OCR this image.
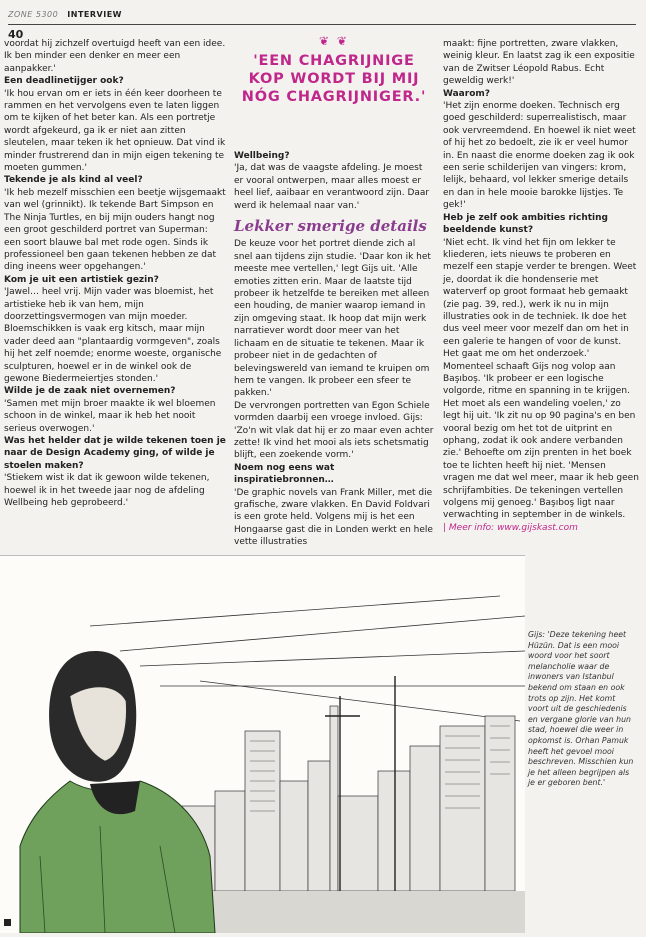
ZONE 5300 INTERVIEW
40

voordat hij zichzelf overtuigd heeft van een idee. Ik ben minder een denker en meer een aanpakker.'

Een deadlinetijger ook?

'Ik hou ervan om er iets in één keer doorheen te rammen en het vervolgens even te laten liggen om te kijken of het beter kan. Als een portretje wordt afgekeurd, ga ik er niet aan zitten sleutelen, maar teken ik het opnieuw. Dat vind ik minder frustrerend dan in mijn eigen tekening te moeten gummen.'

Tekende je als kind al veel?

'Ik heb mezelf misschien een beetje wijsgemaakt van wel (grinnikt). Ik tekende Bart Simpson en The Ninja Turtles, en bij mijn ouders hangt nog een groot geschilderd portret van Superman: een soort blauwe bal met rode ogen. Sinds ik professioneel ben gaan tekenen hebben ze dat ding ineens weer opgehangen.'

Kom je uit een artistiek gezin?

'Jawel… heel vrij. Mijn vader was bloemist, het artistieke heb ik van hem, mijn doorzettingsvermogen van mijn moeder. Bloemschikken is vaak erg kitsch, maar mijn vader deed aan "plantaardig vormgeven", zoals hij het zelf noemde; enorme woeste, organische sculpturen, hoewel er in de winkel ook de gewone Biedermeiertjes stonden.'

Wilde je de zaak niet overnemen?

'Samen met mijn broer maakte ik wel bloemen schoon in de winkel, maar ik heb het nooit serieus overwogen.'

Was het helder dat je wilde tekenen toen je naar de Design Academy ging, of wilde je stoelen maken?

'Stiekem wist ik dat ik gewoon wilde tekenen, hoewel ik in het tweede jaar nog de afdeling Wellbeing heb geprobeerd.'

❦ ❦
'EEN CHAGRIJNIGE KOP WORDT BIJ MIJ NÓG CHAGRIJNIGER.'

Wellbeing?

'Ja, dat was de vaagste afdeling. Je moest er vooral ontwerpen, maar alles moest er heel lief, aaibaar en verantwoord zijn. Daar werd ik helemaal naar van.'

Lekker smerige details

De keuze voor het portret diende zich al snel aan tijdens zijn studie. 'Daar kon ik het meeste mee vertellen,' legt Gijs uit. 'Alle emoties zitten erin. Maar de laatste tijd probeer ik hetzelfde te bereiken met alleen een houding, de manier waarop iemand in zijn omgeving staat. Ik hoop dat mijn werk narratiever wordt door meer van het lichaam en de situatie te tekenen. Maar ik probeer niet in de gedachten of belevingswereld van iemand te kruipen om hem te vangen. Ik probeer een sfeer te pakken.'

De vervrongen portretten van Egon Schiele vormden daarbij een vroege invloed. Gijs:

'Zo'n wit vlak dat hij er zo maar even achter zette! Ik vind het mooi als iets schetsmatig blijft, een zoekende vorm.'

Noem nog eens wat inspiratiebronnen…

'De graphic novels van Frank Miller, met die grafische, zware vlakken. En David Foldvari is een grote held. Volgens mij is het een Hongaarse gast die in Londen werkt en hele vette illustraties

maakt: fijne portretten, zware vlakken, weinig kleur. En laatst zag ik een expositie van de Zwitser Léopold Rabus. Echt geweldig werk!'

Waarom?

'Het zijn enorme doeken. Technisch erg goed geschilderd: superrealistisch, maar ook vervreemdend. En hoewel ik niet weet of hij het zo bedoelt, zie ik er veel humor in. En naast die enorme doeken zag ik ook een serie schilderijen van vingers: krom, lelijk, behaard, vol lekker smerige details en dan in hele mooie barokke lijstjes. Te gek!'

Heb je zelf ook ambities richting beeldende kunst?

'Niet echt. Ik vind het fijn om lekker te kliederen, iets nieuws te proberen en mezelf een stapje verder te brengen. Weet je, doordat ik die hondenserie met waterverf op groot formaat heb gemaakt (zie pag. 39, red.), werk ik nu in mijn illustraties ook in de techniek. Ik doe het dus veel meer voor mezelf dan om het in een galerie te hangen of voor de kunst. Het gaat me om het onderzoek.'

Momenteel schaaft Gijs nog volop aan Başıboş. 'Ik probeer er een logische volgorde, ritme en spanning in te krijgen. Het moet als een wandeling voelen,' zo legt hij uit. 'Ik zit nu op 90 pagina's en ben vooral bezig om het tot de uitprint en ophang, zodat ik ook andere verbanden zie.' Behoefte om zijn prenten in het boek toe te lichten heeft hij niet. 'Mensen vragen me dat wel meer, maar ik heb geen schrijfambities. De tekeningen vertellen volgens mij genoeg.' Başıboş ligt naar verwachting in september in de winkels.

| Meer info: www.gijskast.com

Gijs: 'Deze tekening heet Hüzün. Dat is een mooi woord voor het soort melancholie waar de inwoners van Istanbul bekend om staan en ook trots op zijn. Het komt voort uit de geschiedenis en vergane glorie van hun stad, hoewel die weer in opkomst is. Orhan Pamuk heeft het gevoel mooi beschreven. Misschien kun je het alleen begrijpen als je er geboren bent.'
